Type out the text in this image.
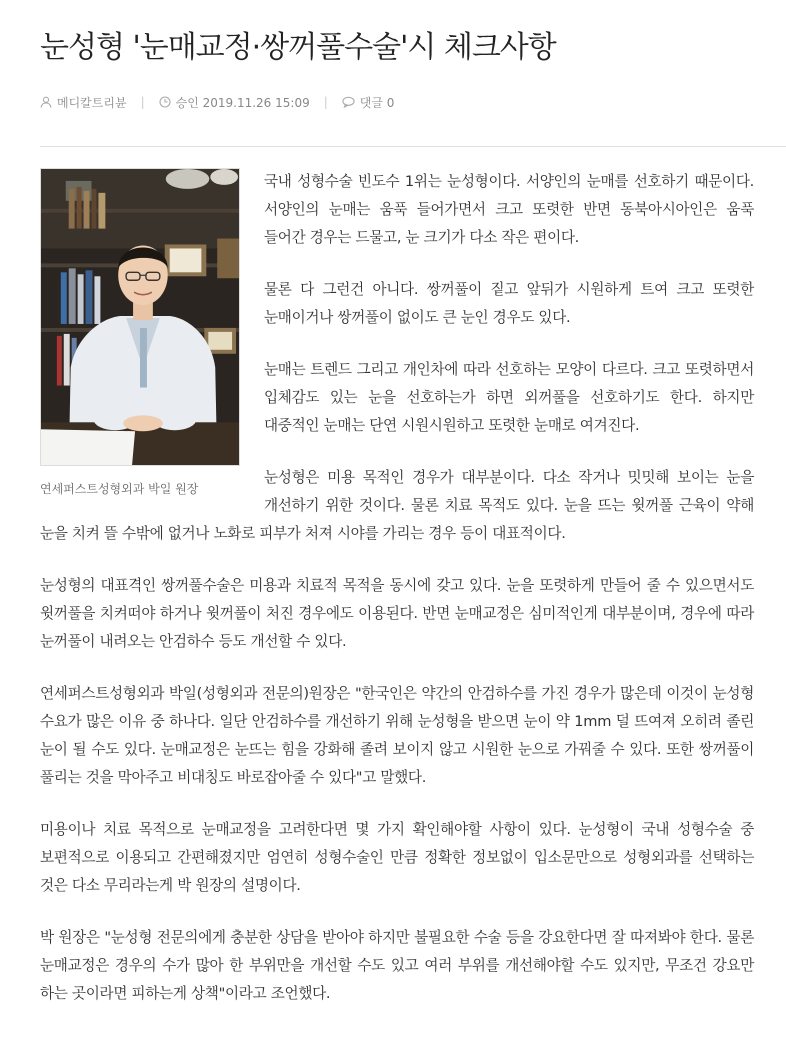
눈성형 '눈매교정·쌍꺼풀수술'시 체크사항
메디칼트리뷴 |	승인 2019.11.26 15:09 |	댓글 0
연세퍼스트성형외과 박일 원장

국내 성형수술 빈도수 1위는 눈성형이다. 서양인의 눈매를 선호하기 때문이다. 서양인의 눈매는 움푹 들어가면서 크고 또렷한 반면 동북아시아인은 움푹 들어간 경우는 드물고, 눈 크기가 다소 작은 편이다.

물론 다 그런건 아니다. 쌍꺼풀이 짙고 앞뒤가 시원하게 트여 크고 또렷한 눈매이거나 쌍꺼풀이 없이도 큰 눈인 경우도 있다.

눈매는 트렌드 그리고 개인차에 따라 선호하는 모양이 다르다. 크고 또렷하면서 입체감도 있는 눈을 선호하는가 하면 외꺼풀을 선호하기도 한다. 하지만 대중적인 눈매는 단연 시원시원하고 또렷한 눈매로 여겨진다.

눈성형은 미용 목적인 경우가 대부분이다. 다소 작거나 밋밋해 보이는 눈을 개선하기 위한 것이다. 물론 치료 목적도 있다. 눈을 뜨는 윗꺼풀 근육이 약해 눈을 치켜 뜰 수밖에 없거나 노화로 피부가 처져 시야를 가리는 경우 등이 대표적이다.

눈성형의 대표격인 쌍꺼풀수술은 미용과 치료적 목적을 동시에 갖고 있다. 눈을 또렷하게 만들어 줄 수 있으면서도 윗꺼풀을 치켜떠야 하거나 윗꺼풀이 처진 경우에도 이용된다. 반면 눈매교정은 심미적인게 대부분이며, 경우에 따라 눈꺼풀이 내려오는 안검하수 등도 개선할 수 있다.

연세퍼스트성형외과 박일(성형외과 전문의)원장은 "한국인은 약간의 안검하수를 가진 경우가 많은데 이것이 눈성형 수요가 많은 이유 중 하나다. 일단 안검하수를 개선하기 위해 눈성형을 받으면 눈이 약 1mm 덜 뜨여져 오히려 졸린 눈이 될 수도 있다. 눈매교정은 눈뜨는 힘을 강화해 졸려 보이지 않고 시원한 눈으로 가꿔줄 수 있다. 또한 쌍꺼풀이 풀리는 것을 막아주고 비대칭도 바로잡아줄 수 있다"고 말했다.

미용이나 치료 목적으로 눈매교정을 고려한다면 몇 가지 확인해야할 사항이 있다. 눈성형이 국내 성형수술 중 보편적으로 이용되고 간편해졌지만 엄연히 성형수술인 만큼 정확한 정보없이 입소문만으로 성형외과를 선택하는 것은 다소 무리라는게 박 원장의 설명이다.

박 원장은 "눈성형 전문의에게 충분한 상담을 받아야 하지만 불필요한 수술 등을 강요한다면 잘 따져봐야 한다. 물론 눈매교정은 경우의 수가 많아 한 부위만을 개선할 수도 있고 여러 부위를 개선해야할 수도 있지만, 무조건 강요만 하는 곳이라면 피하는게 상책"이라고 조언했다.
